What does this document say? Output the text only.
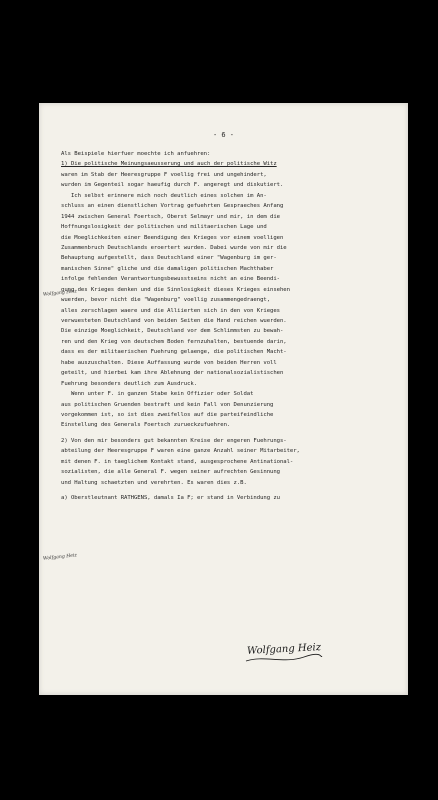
- 6 -
Als Beispiele hierfuer moechte ich anfuehren:
1) Die politische Meinungsaeusserung und auch der politische Witz
waren im Stab der Heeresgruppe F voellig frei und ungehindert,
wurden im Gegenteil sogar haeufig durch F. angeregt und diskutiert.
Ich selbst erinnere mich noch deutlich eines solchen im An-
schluss an einen dienstlichen Vortrag gefuehrten Gespraeches Anfang
1944 zwischen General Foertsch, Oberst Selmayr und mir, in dem die
Hoffnungslosigkeit der politischen und militaerischen Lage und
die Moeglichkeiten einer Beendigung des Krieges vor einem voelligen
Zusammenbruch Deutschlands eroertert wurden. Dabei wurde von mir die
Behauptung aufgestellt, dass Deutschland einer "Wagenburg im ger-
manischen Sinne" gliche und die damaligen politischen Machthaber
infolge fehlenden Verantwortungsbewusstseins nicht an eine Beendi-
gung des Krieges denken und die Sinnlosigkeit dieses Krieges einsehen
wuerden, bevor nicht die "Wagenburg" voellig zusammengedraengt,
alles zerschlagen waere und die Alliierten sich in den von Krieges
verwuesteten Deutschland von beiden Seiten die Hand reichen wuerden.
Die einzige Moeglichkeit, Deutschland vor dem Schlimmsten zu bewah-
ren und den Krieg von deutschem Boden fernzuhalten, bestuende darin,
dass es der militaerischen Fuehrung gelaenge, die politischen Macht-
habe auszuschalten. Diese Auffassung wurde von beiden Herren voll
geteilt, und hierbei kam ihre Ablehnung der nationalsozialistischen
Fuehrung besonders deutlich zum Ausdruck.
Wenn unter F. in ganzen Stabe kein Offizier oder Soldat
aus politischen Gruenden bestraft und kein Fall von Denunzierung
vorgekommen ist, so ist dies zweifellos auf die parteifeindliche
Einstellung des Generals Foertsch zurueckzufuehren.
2) Von den mir besonders gut bekannten Kreise der engeren Fuehrungs-
abteilung der Heeresgruppe F waren eine ganze Anzahl seiner Mitarbeiter,
mit denen F. in taeglichem Kontakt stand, ausgesprochene Antinational-
sozialisten, die alle General F. wegen seiner aufrechten Gesinnung
und Haltung schaetzten und verehrten. Es waren dies z.B.
a) Oberstleutnant RATHGENS, damals Ia F; er stand in Verbindung zu
Wolfgang Heiz
Wolfgang Heiz
Wolfgang Heiz
